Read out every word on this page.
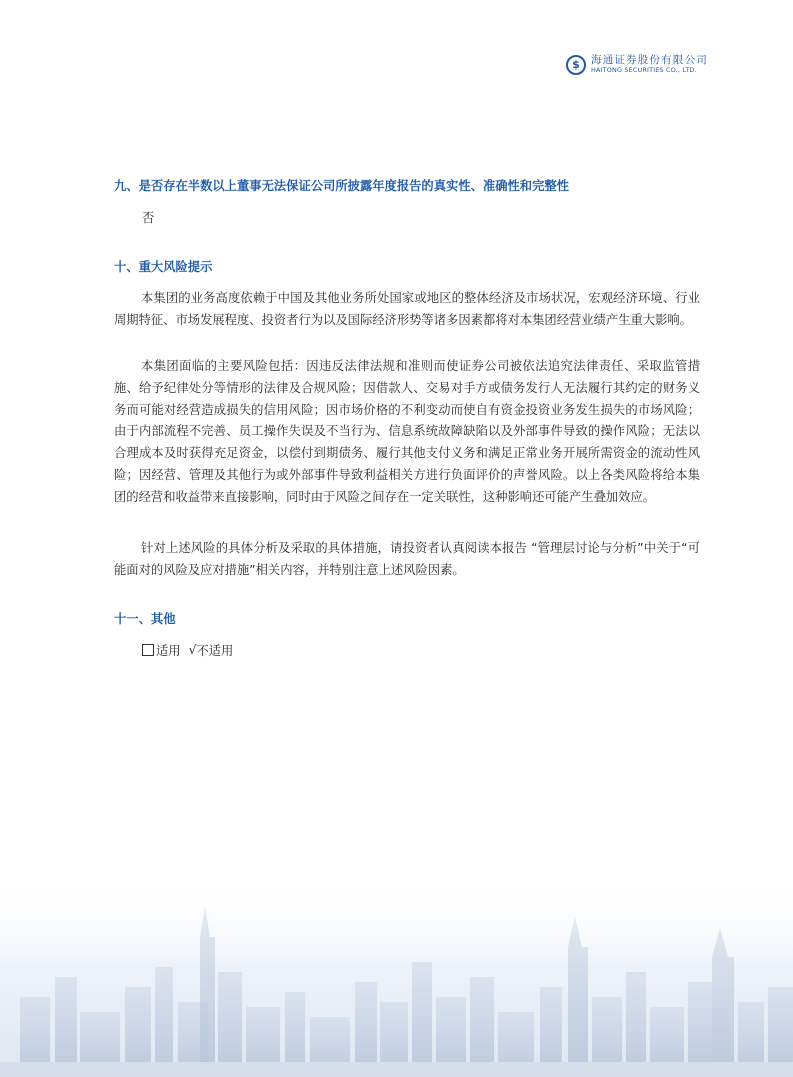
$	海通证券股份有限公司
HAITONG SECURITIES CO., LTD.
九、是否存在半数以上董事无法保证公司所披露年度报告的真实性、准确性和完整性
否
十、重大风险提示

本集团的业务高度依赖于中国及其他业务所处国家或地区的整体经济及市场状况，宏观经济环境、行业周期特征、市场发展程度、投资者行为以及国际经济形势等诸多因素都将对本集团经营业绩产生重大影响。

本集团面临的主要风险包括：因违反法律法规和准则而使证券公司被依法追究法律责任、采取监管措施、给予纪律处分等情形的法律及合规风险；因借款人、交易对手方或债务发行人无法履行其约定的财务义务而可能对经营造成损失的信用风险；因市场价格的不利变动而使自有资金投资业务发生损失的市场风险；由于内部流程不完善、员工操作失误及不当行为、信息系统故障缺陷以及外部事件导致的操作风险；无法以合理成本及时获得充足资金，以偿付到期债务、履行其他支付义务和满足正常业务开展所需资金的流动性风险；因经营、管理及其他行为或外部事件导致利益相关方进行负面评价的声誉风险。以上各类风险将给本集团的经营和收益带来直接影响，同时由于风险之间存在一定关联性，这种影响还可能产生叠加效应。

针对上述风险的具体分析及采取的具体措施，请投资者认真阅读本报告 “管理层讨论与分析”中关于“可能面对的风险及应对措施”相关内容，并特别注意上述风险因素。

十一、其他
适用 √ 不适用
